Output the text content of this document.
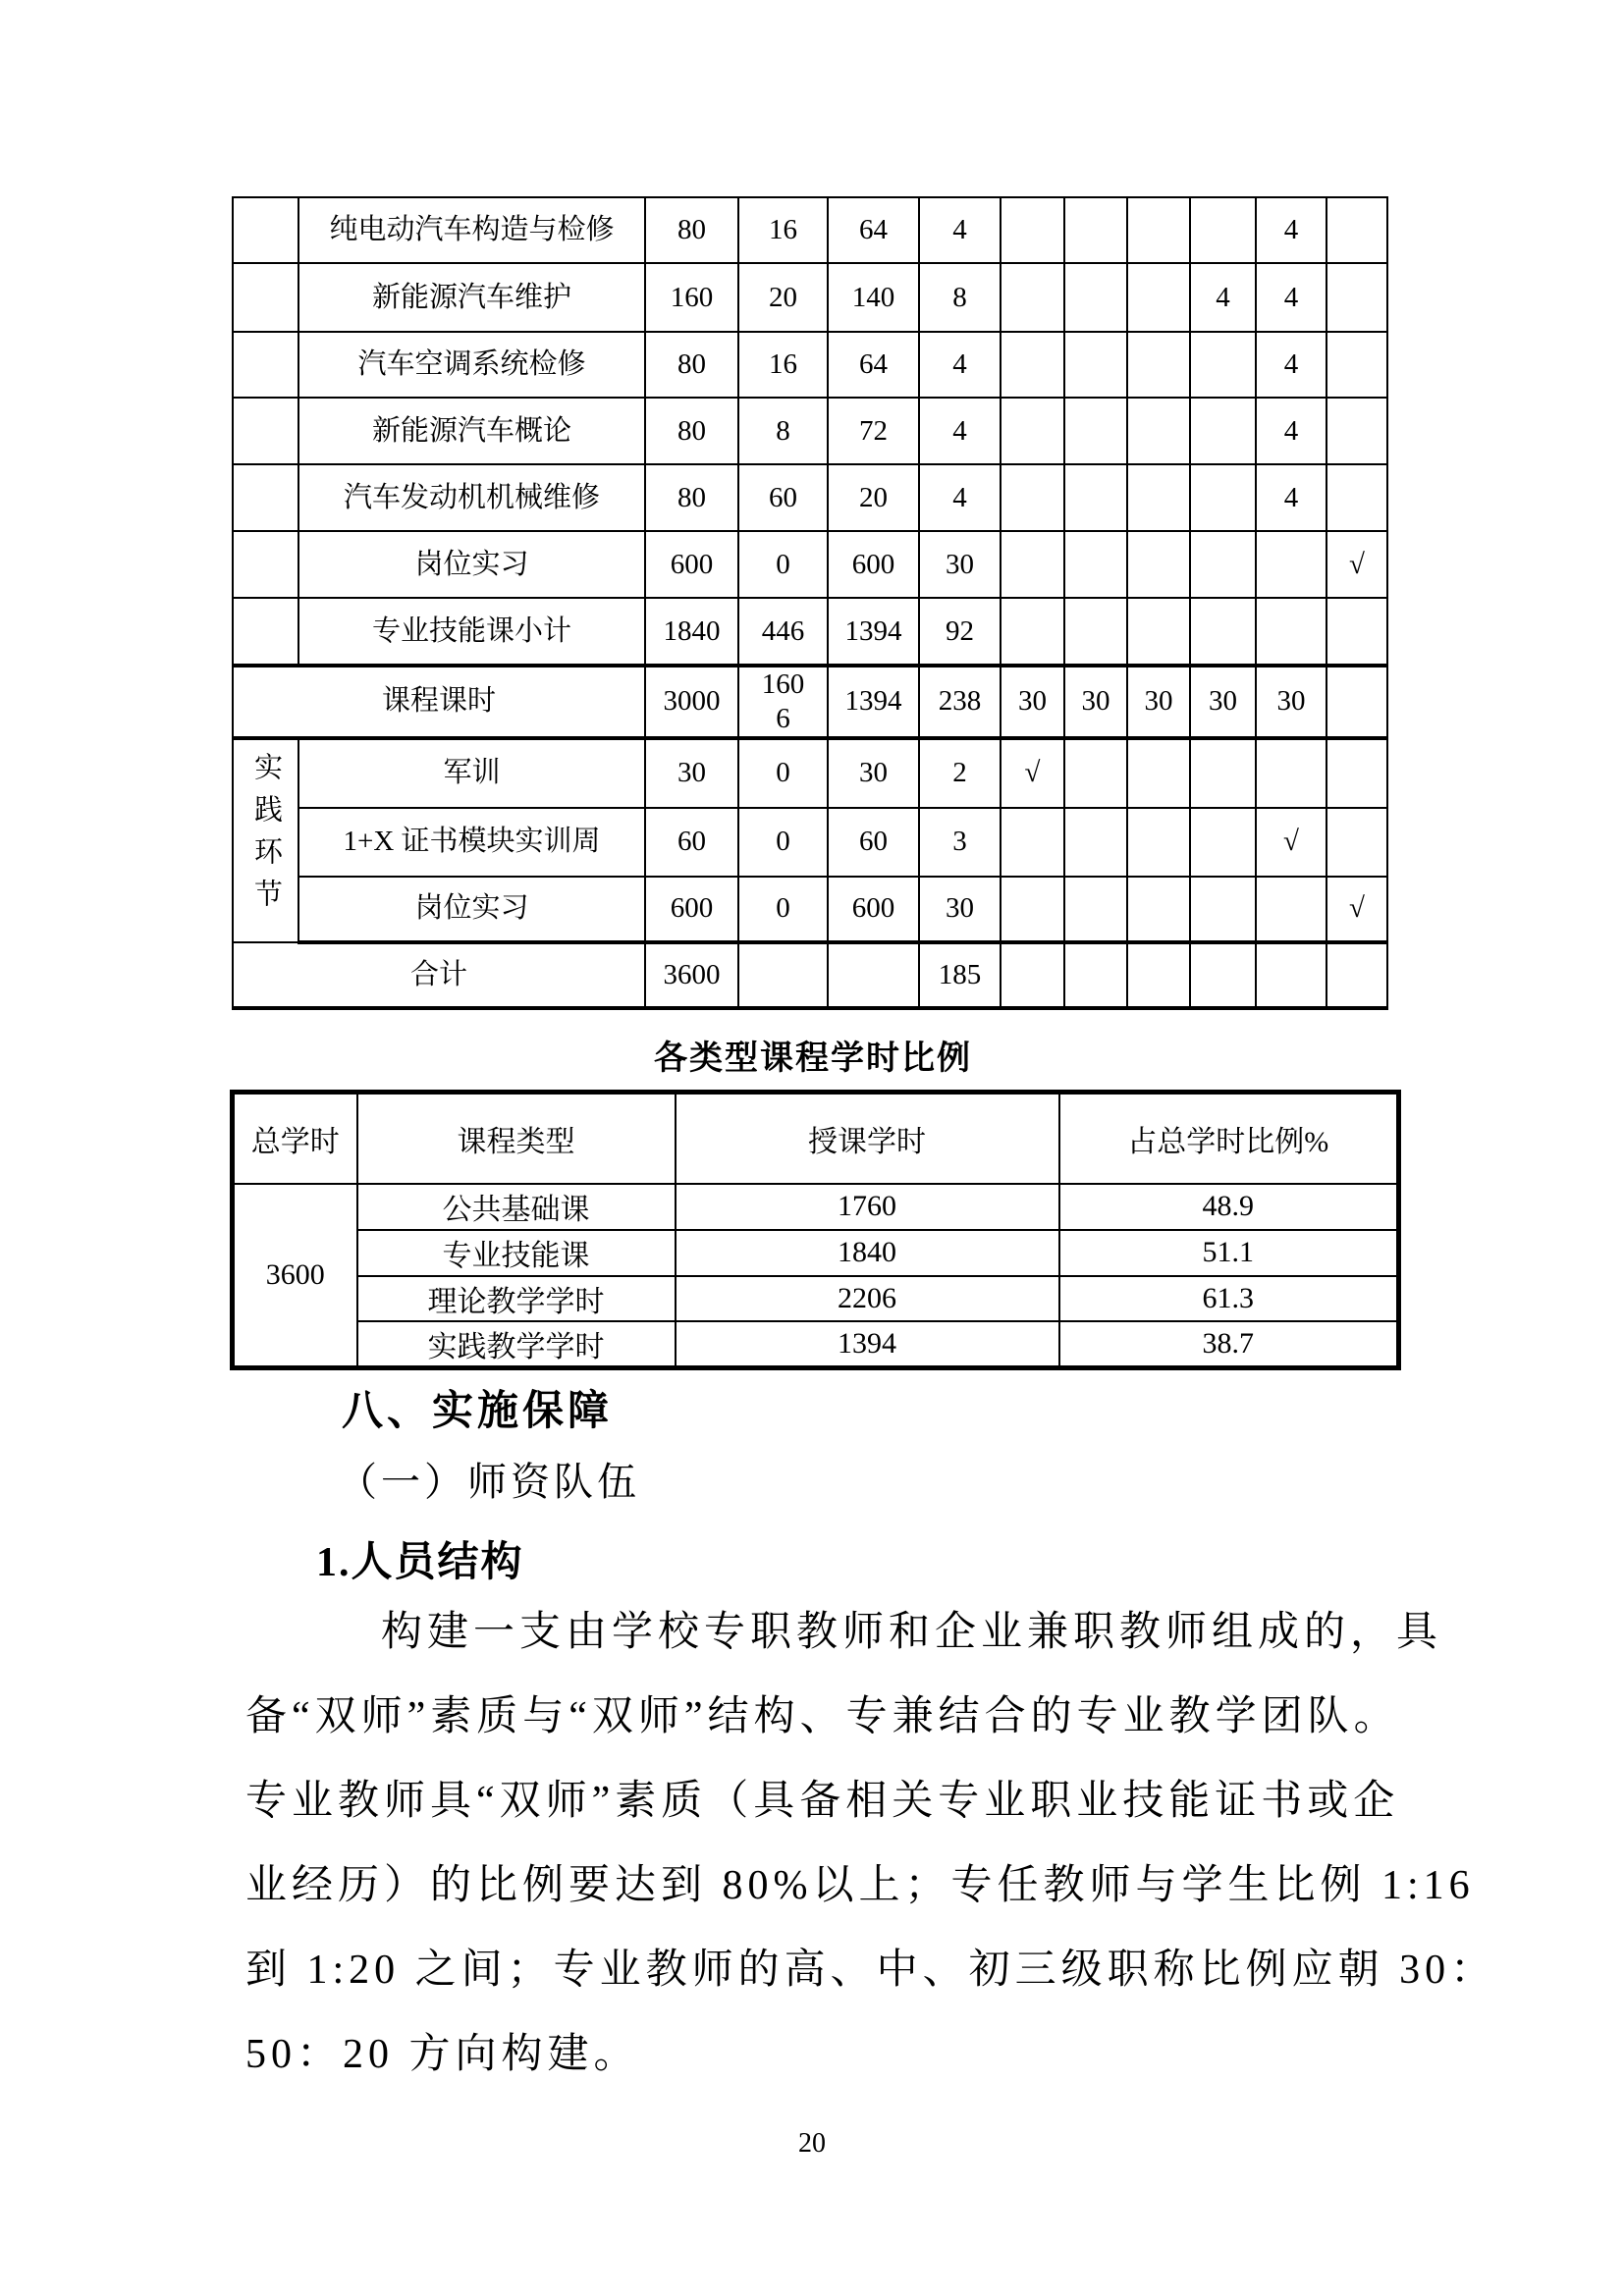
	纯电动汽车构造与检修	80	16	64	4					4	
	新能源汽车维护	160	20	140	8				4	4	
	汽车空调系统检修	80	16	64	4					4	
	新能源汽车概论	80	8	72	4					4	
	汽车发动机机械维修	80	60	20	4					4	
	岗位实习	600	0	600	30						√
	专业技能课小计	1840	446	1394	92						
课程课时		3000	1606	1394	238	30	30	30	30	30	
实践环节	军训	30	0	30	2	√					
	1+X 证书模块实训周	60	0	60	3					√	
	岗位实习	600	0	600	30						√
合计		3600			185						
各类型课程学时比例
总学时	课程类型	授课学时	占总学时比例%
3600	公共基础课	1760	48.9
	专业技能课	1840	51.1
	理论教学学时	2206	61.3
	实践教学学时	1394	38.7
八、实施保障
（一）师资队伍
1.人员结构
构建一支由学校专职教师和企业兼职教师组成的，具
备“双师”素质与“双师”结构、专兼结合的专业教学团队。
专业教师具“双师”素质（具备相关专业职业技能证书或企
业经历）的比例要达到 80%以上；专任教师与学生比例 1:16
到 1:20 之间；专业教师的高、中、初三级职称比例应朝 30：
50：20 方向构建。
20
